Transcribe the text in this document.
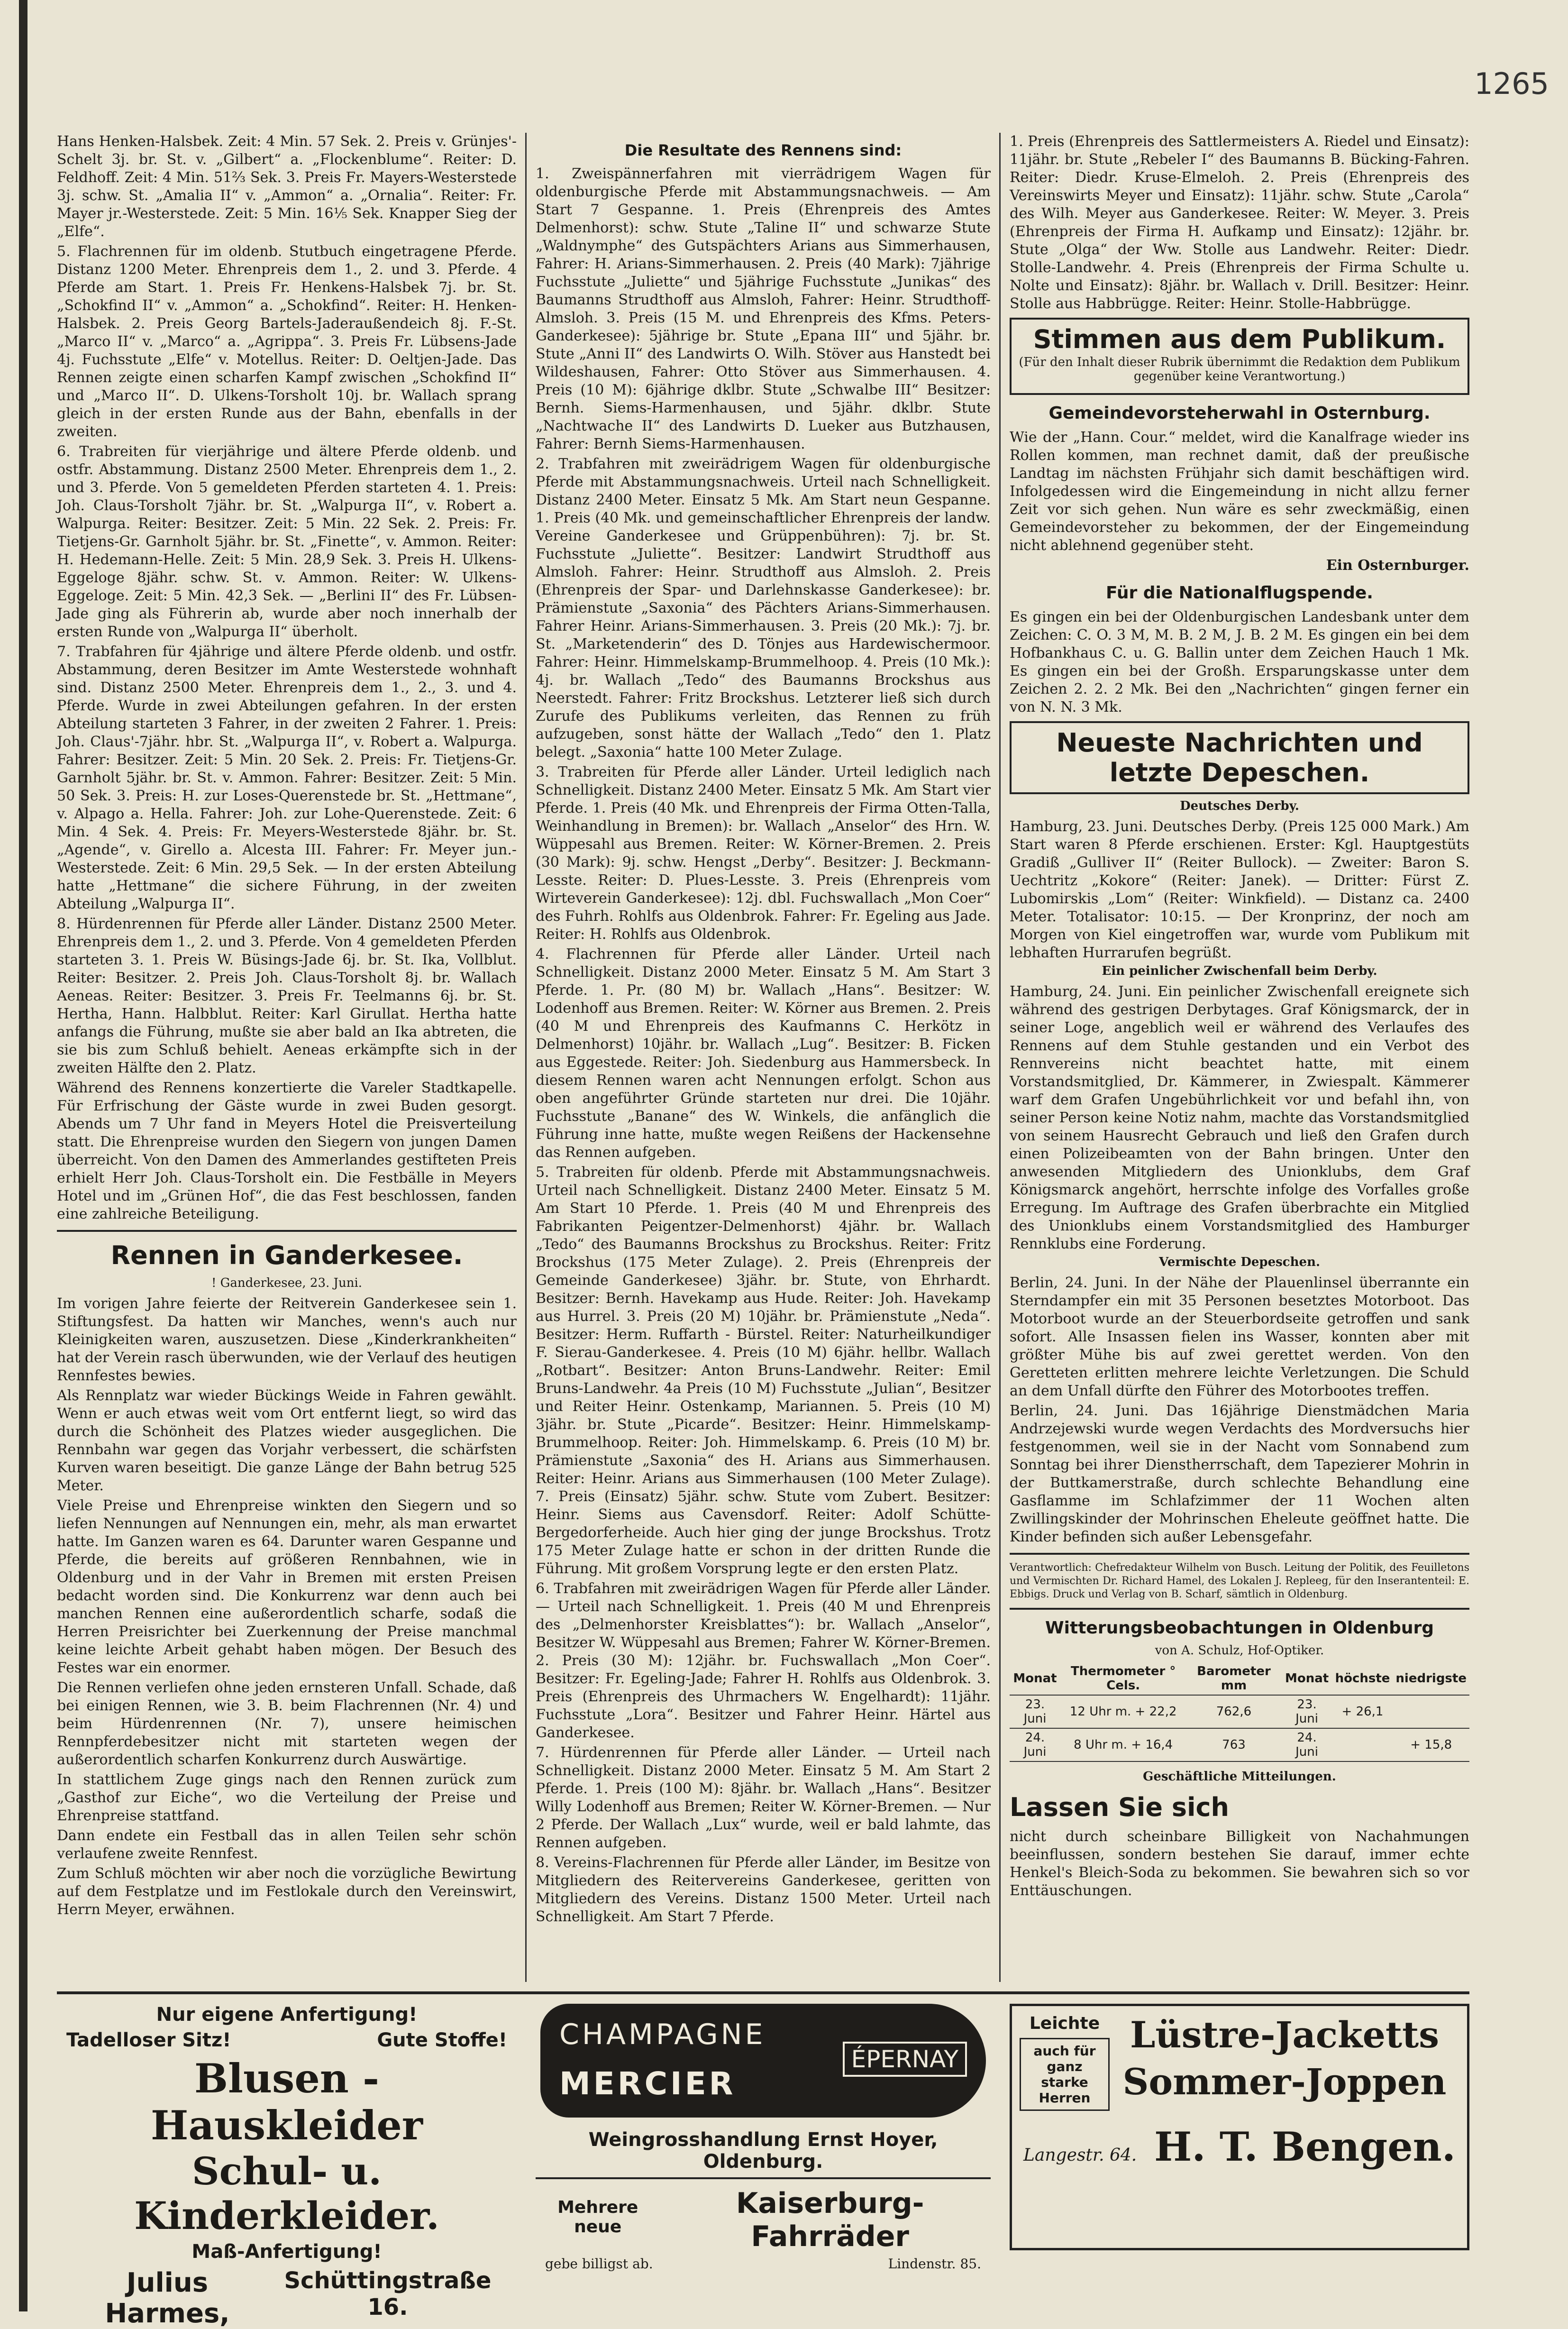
1265

Hans Henken-Halsbek. Zeit: 4 Min. 57 Sek. 2. Preis v. Grünjes'-Schelt 3j. br. St. v. „Gilbert“ a. „Flockenblume“. Reiter: D. Feldhoff. Zeit: 4 Min. 51⅔ Sek. 3. Preis Fr. Mayers-Westerstede 3j. schw. St. „Amalia II“ v. „Ammon“ a. „Ornalia“. Reiter: Fr. Mayer jr.-Westerstede. Zeit: 5 Min. 16⅕ Sek. Knapper Sieg der „Elfe“.

5. Flachrennen für im oldenb. Stutbuch eingetragene Pferde. Distanz 1200 Meter. Ehrenpreis dem 1., 2. und 3. Pferde. 4 Pferde am Start. 1. Preis Fr. Henkens-Halsbek 7j. br. St. „Schokfind II“ v. „Ammon“ a. „Schokfind“. Reiter: H. Henken-Halsbek. 2. Preis Georg Bartels-Jaderaußendeich 8j. F.-St. „Marco II“ v. „Marco“ a. „Agrippa“. 3. Preis Fr. Lübsens-Jade 4j. Fuchsstute „Elfe“ v. Motellus. Reiter: D. Oeltjen-Jade. Das Rennen zeigte einen scharfen Kampf zwischen „Schokfind II“ und „Marco II“. D. Ulkens-Torsholt 10j. br. Wallach sprang gleich in der ersten Runde aus der Bahn, ebenfalls in der zweiten.

6. Trabreiten für vierjährige und ältere Pferde oldenb. und ostfr. Abstammung. Distanz 2500 Meter. Ehrenpreis dem 1., 2. und 3. Pferde. Von 5 gemeldeten Pferden starteten 4. 1. Preis: Joh. Claus-Torsholt 7jähr. br. St. „Walpurga II“, v. Robert a. Walpurga. Reiter: Besitzer. Zeit: 5 Min. 22 Sek. 2. Preis: Fr. Tietjens-Gr. Garnholt 5jähr. br. St. „Finette“, v. Ammon. Reiter: H. Hedemann-Helle. Zeit: 5 Min. 28,9 Sek. 3. Preis H. Ulkens-Eggeloge 8jähr. schw. St. v. Ammon. Reiter: W. Ulkens-Eggeloge. Zeit: 5 Min. 42,3 Sek. — „Berlini II“ des Fr. Lübsen-Jade ging als Führerin ab, wurde aber noch innerhalb der ersten Runde von „Walpurga II“ überholt.

7. Trabfahren für 4jährige und ältere Pferde oldenb. und ostfr. Abstammung, deren Besitzer im Amte Westerstede wohnhaft sind. Distanz 2500 Meter. Ehrenpreis dem 1., 2., 3. und 4. Pferde. Wurde in zwei Abteilungen gefahren. In der ersten Abteilung starteten 3 Fahrer, in der zweiten 2 Fahrer. 1. Preis: Joh. Claus'-7jähr. hbr. St. „Walpurga II“, v. Robert a. Walpurga. Fahrer: Besitzer. Zeit: 5 Min. 20 Sek. 2. Preis: Fr. Tietjens-Gr. Garnholt 5jähr. br. St. v. Ammon. Fahrer: Besitzer. Zeit: 5 Min. 50 Sek. 3. Preis: H. zur Loses-Querenstede br. St. „Hettmane“, v. Alpago a. Hella. Fahrer: Joh. zur Lohe-Querenstede. Zeit: 6 Min. 4 Sek. 4. Preis: Fr. Meyers-Westerstede 8jähr. br. St. „Agende“, v. Girello a. Alcesta III. Fahrer: Fr. Meyer jun.-Westerstede. Zeit: 6 Min. 29,5 Sek. — In der ersten Abteilung hatte „Hettmane“ die sichere Führung, in der zweiten Abteilung „Walpurga II“.

8. Hürdenrennen für Pferde aller Länder. Distanz 2500 Meter. Ehrenpreis dem 1., 2. und 3. Pferde. Von 4 gemeldeten Pferden starteten 3. 1. Preis W. Büsings-Jade 6j. br. St. Ika, Vollblut. Reiter: Besitzer. 2. Preis Joh. Claus-Torsholt 8j. br. Wallach Aeneas. Reiter: Besitzer. 3. Preis Fr. Teelmanns 6j. br. St. Hertha, Hann. Halbblut. Reiter: Karl Girullat. Hertha hatte anfangs die Führung, mußte sie aber bald an Ika abtreten, die sie bis zum Schluß behielt. Aeneas erkämpfte sich in der zweiten Hälfte den 2. Platz.

Während des Rennens konzertierte die Vareler Stadtkapelle. Für Erfrischung der Gäste wurde in zwei Buden gesorgt. Abends um 7 Uhr fand in Meyers Hotel die Preisverteilung statt. Die Ehrenpreise wurden den Siegern von jungen Damen überreicht. Von den Damen des Ammerlandes gestifteten Preis erhielt Herr Joh. Claus-Torsholt ein. Die Festbälle in Meyers Hotel und im „Grünen Hof“, die das Fest beschlossen, fanden eine zahlreiche Beteiligung.

Rennen in Ganderkesee.
! Ganderkesee, 23. Juni.

Im vorigen Jahre feierte der Reitverein Ganderkesee sein 1. Stiftungsfest. Da hatten wir Manches, wenn's auch nur Kleinigkeiten waren, auszusetzen. Diese „Kinderkrankheiten“ hat der Verein rasch überwunden, wie der Verlauf des heutigen Rennfestes bewies.

Als Rennplatz war wieder Bückings Weide in Fahren gewählt. Wenn er auch etwas weit vom Ort entfernt liegt, so wird das durch die Schönheit des Platzes wieder ausgeglichen. Die Rennbahn war gegen das Vorjahr verbessert, die schärfsten Kurven waren beseitigt. Die ganze Länge der Bahn betrug 525 Meter.

Viele Preise und Ehrenpreise winkten den Siegern und so liefen Nennungen auf Nennungen ein, mehr, als man erwartet hatte. Im Ganzen waren es 64. Darunter waren Gespanne und Pferde, die bereits auf größeren Rennbahnen, wie in Oldenburg und in der Vahr in Bremen mit ersten Preisen bedacht worden sind. Die Konkurrenz war denn auch bei manchen Rennen eine außerordentlich scharfe, sodaß die Herren Preisrichter bei Zuerkennung der Preise manchmal keine leichte Arbeit gehabt haben mögen. Der Besuch des Festes war ein enormer.

Die Rennen verliefen ohne jeden ernsteren Unfall. Schade, daß bei einigen Rennen, wie 3. B. beim Flachrennen (Nr. 4) und beim Hürdenrennen (Nr. 7), unsere heimischen Rennpferdebesitzer nicht mit starteten wegen der außerordentlich scharfen Konkurrenz durch Auswärtige.

In stattlichem Zuge gings nach den Rennen zurück zum „Gasthof zur Eiche“, wo die Verteilung der Preise und Ehrenpreise stattfand.

Dann endete ein Festball das in allen Teilen sehr schön verlaufene zweite Rennfest.

Zum Schluß möchten wir aber noch die vorzügliche Bewirtung auf dem Festplatze und im Festlokale durch den Vereinswirt, Herrn Meyer, erwähnen.

Die Resultate des Rennens sind:

1. Zweispännerfahren mit vierrädrigem Wagen für oldenburgische Pferde mit Abstammungsnachweis. — Am Start 7 Gespanne. 1. Preis (Ehrenpreis des Amtes Delmenhorst): schw. Stute „Taline II“ und schwarze Stute „Waldnymphe“ des Gutspächters Arians aus Simmerhausen, Fahrer: H. Arians-Simmerhausen. 2. Preis (40 Mark): 7jährige Fuchsstute „Juliette“ und 5jährige Fuchsstute „Junikas“ des Baumanns Strudthoff aus Almsloh, Fahrer: Heinr. Strudthoff-Almsloh. 3. Preis (15 M. und Ehrenpreis des Kfms. Peters-Ganderkesee): 5jährige br. Stute „Epana III“ und 5jähr. br. Stute „Anni II“ des Landwirts O. Wilh. Stöver aus Hanstedt bei Wildeshausen, Fahrer: Otto Stöver aus Simmerhausen. 4. Preis (10 M): 6jährige dklbr. Stute „Schwalbe III“ Besitzer: Bernh. Siems-Harmenhausen, und 5jähr. dklbr. Stute „Nachtwache II“ des Landwirts D. Lueker aus Butzhausen, Fahrer: Bernh Siems-Harmenhausen.

2. Trabfahren mit zweirädrigem Wagen für oldenburgische Pferde mit Abstammungsnachweis. Urteil nach Schnelligkeit. Distanz 2400 Meter. Einsatz 5 Mk. Am Start neun Gespanne. 1. Preis (40 Mk. und gemeinschaftlicher Ehrenpreis der landw. Vereine Ganderkesee und Grüppenbühren): 7j. br. St. Fuchsstute „Juliette“. Besitzer: Landwirt Strudthoff aus Almsloh. Fahrer: Heinr. Strudthoff aus Almsloh. 2. Preis (Ehrenpreis der Spar- und Darlehnskasse Ganderkesee): br. Prämienstute „Saxonia“ des Pächters Arians-Simmerhausen. Fahrer Heinr. Arians-Simmerhausen. 3. Preis (20 Mk.): 7j. br. St. „Marketenderin“ des D. Tönjes aus Hardewischermoor. Fahrer: Heinr. Himmelskamp-Brummelhoop. 4. Preis (10 Mk.): 4j. br. Wallach „Tedo“ des Baumanns Brockshus aus Neerstedt. Fahrer: Fritz Brockshus. Letzterer ließ sich durch Zurufe des Publikums verleiten, das Rennen zu früh aufzugeben, sonst hätte der Wallach „Tedo“ den 1. Platz belegt. „Saxonia“ hatte 100 Meter Zulage.

3. Trabreiten für Pferde aller Länder. Urteil lediglich nach Schnelligkeit. Distanz 2400 Meter. Einsatz 5 Mk. Am Start vier Pferde. 1. Preis (40 Mk. und Ehrenpreis der Firma Otten-Talla, Weinhandlung in Bremen): br. Wallach „Anselor“ des Hrn. W. Wüppesahl aus Bremen. Reiter: W. Körner-Bremen. 2. Preis (30 Mark): 9j. schw. Hengst „Derby“. Besitzer: J. Beckmann-Lesste. Reiter: D. Plues-Lesste. 3. Preis (Ehrenpreis vom Wirteverein Ganderkesee): 12j. dbl. Fuchswallach „Mon Coer“ des Fuhrh. Rohlfs aus Oldenbrok. Fahrer: Fr. Egeling aus Jade. Reiter: H. Rohlfs aus Oldenbrok.

4. Flachrennen für Pferde aller Länder. Urteil nach Schnelligkeit. Distanz 2000 Meter. Einsatz 5 M. Am Start 3 Pferde. 1. Pr. (80 M) br. Wallach „Hans“. Besitzer: W. Lodenhoff aus Bremen. Reiter: W. Körner aus Bremen. 2. Preis (40 M und Ehrenpreis des Kaufmanns C. Herkötz in Delmenhorst) 10jähr. br. Wallach „Lug“. Besitzer: B. Ficken aus Eggestede. Reiter: Joh. Siedenburg aus Hammersbeck. In diesem Rennen waren acht Nennungen erfolgt. Schon aus oben angeführter Gründe starteten nur drei. Die 10jähr. Fuchsstute „Banane“ des W. Winkels, die anfänglich die Führung inne hatte, mußte wegen Reißens der Hackensehne das Rennen aufgeben.

5. Trabreiten für oldenb. Pferde mit Abstammungsnachweis. Urteil nach Schnelligkeit. Distanz 2400 Meter. Einsatz 5 M. Am Start 10 Pferde. 1. Preis (40 M und Ehrenpreis des Fabrikanten Peigentzer-Delmenhorst) 4jähr. br. Wallach „Tedo“ des Baumanns Brockshus zu Brockshus. Reiter: Fritz Brockshus (175 Meter Zulage). 2. Preis (Ehrenpreis der Gemeinde Ganderkesee) 3jähr. br. Stute, von Ehrhardt. Besitzer: Bernh. Havekamp aus Hude. Reiter: Joh. Havekamp aus Hurrel. 3. Preis (20 M) 10jähr. br. Prämienstute „Neda“. Besitzer: Herm. Ruffarth - Bürstel. Reiter: Naturheilkundiger F. Sierau-Ganderkesee. 4. Preis (10 M) 6jähr. hellbr. Wallach „Rotbart“. Besitzer: Anton Bruns-Landwehr. Reiter: Emil Bruns-Landwehr. 4a Preis (10 M) Fuchsstute „Julian“, Besitzer und Reiter Heinr. Ostenkamp, Mariannen. 5. Preis (10 M) 3jähr. br. Stute „Picarde“. Besitzer: Heinr. Himmelskamp-Brummelhoop. Reiter: Joh. Himmelskamp. 6. Preis (10 M) br. Prämienstute „Saxonia“ des H. Arians aus Simmerhausen. Reiter: Heinr. Arians aus Simmerhausen (100 Meter Zulage). 7. Preis (Einsatz) 5jähr. schw. Stute vom Zubert. Besitzer: Heinr. Siems aus Cavensdorf. Reiter: Adolf Schütte-Bergedorferheide. Auch hier ging der junge Brockshus. Trotz 175 Meter Zulage hatte er schon in der dritten Runde die Führung. Mit großem Vorsprung legte er den ersten Platz.

6. Trabfahren mit zweirädrigen Wagen für Pferde aller Länder. — Urteil nach Schnelligkeit. 1. Preis (40 M und Ehrenpreis des „Delmenhorster Kreisblattes“): br. Wallach „Anselor“, Besitzer W. Wüppesahl aus Bremen; Fahrer W. Körner-Bremen. 2. Preis (30 M): 12jähr. br. Fuchswallach „Mon Coer“. Besitzer: Fr. Egeling-Jade; Fahrer H. Rohlfs aus Oldenbrok. 3. Preis (Ehrenpreis des Uhrmachers W. Engelhardt): 11jähr. Fuchsstute „Lora“. Besitzer und Fahrer Heinr. Härtel aus Ganderkesee.

7. Hürdenrennen für Pferde aller Länder. — Urteil nach Schnelligkeit. Distanz 2000 Meter. Einsatz 5 M. Am Start 2 Pferde. 1. Preis (100 M): 8jähr. br. Wallach „Hans“. Besitzer Willy Lodenhoff aus Bremen; Reiter W. Körner-Bremen. — Nur 2 Pferde. Der Wallach „Lux“ wurde, weil er bald lahmte, das Rennen aufgeben.

8. Vereins-Flachrennen für Pferde aller Länder, im Besitze von Mitgliedern des Reitervereins Ganderkesee, geritten von Mitgliedern des Vereins. Distanz 1500 Meter. Urteil nach Schnelligkeit. Am Start 7 Pferde.

1. Preis (Ehrenpreis des Sattlermeisters A. Riedel und Einsatz): 11jähr. br. Stute „Rebeler I“ des Baumanns B. Bücking-Fahren. Reiter: Diedr. Kruse-Elmeloh. 2. Preis (Ehrenpreis des Vereinswirts Meyer und Einsatz): 11jähr. schw. Stute „Carola“ des Wilh. Meyer aus Ganderkesee. Reiter: W. Meyer. 3. Preis (Ehrenpreis der Firma H. Aufkamp und Einsatz): 12jähr. br. Stute „Olga“ der Ww. Stolle aus Landwehr. Reiter: Diedr. Stolle-Landwehr. 4. Preis (Ehrenpreis der Firma Schulte u. Nolte und Einsatz): 8jähr. br. Wallach v. Drill. Besitzer: Heinr. Stolle aus Habbrügge. Reiter: Heinr. Stolle-Habbrügge.

Stimmen aus dem Publikum.
(Für den Inhalt dieser Rubrik übernimmt die Redaktion dem Publikum gegenüber keine Verantwortung.)
Gemeindevorsteherwahl in Osternburg.

Wie der „Hann. Cour.“ meldet, wird die Kanalfrage wieder ins Rollen kommen, man rechnet damit, daß der preußische Landtag im nächsten Frühjahr sich damit beschäftigen wird. Infolgedessen wird die Eingemeindung in nicht allzu ferner Zeit vor sich gehen. Nun wäre es sehr zweckmäßig, einen Gemeindevorsteher zu bekommen, der der Eingemeindung nicht ablehnend gegenüber steht.

Ein Osternburger.

Für die Nationalflugspende.

Es gingen ein bei der Oldenburgischen Landesbank unter dem Zeichen: C. O. 3 M, M. B. 2 M, J. B. 2 M. Es gingen ein bei dem Hofbankhaus C. u. G. Ballin unter dem Zeichen Hauch 1 Mk. Es gingen ein bei der Großh. Ersparungskasse unter dem Zeichen 2. 2. 2 Mk. Bei den „Nachrichten“ gingen ferner ein von N. N. 3 Mk.

Neueste Nachrichten und letzte Depeschen.
Deutsches Derby.

Hamburg, 23. Juni. Deutsches Derby. (Preis 125 000 Mark.) Am Start waren 8 Pferde erschienen. Erster: Kgl. Hauptgestüts Gradiß „Gulliver II“ (Reiter Bullock). — Zweiter: Baron S. Uechtritz „Kokore“ (Reiter: Janek). — Dritter: Fürst Z. Lubomirskis „Lom“ (Reiter: Winkfield). — Distanz ca. 2400 Meter. Totalisator: 10:15. — Der Kronprinz, der noch am Morgen von Kiel eingetroffen war, wurde vom Publikum mit lebhaften Hurrarufen begrüßt.

Ein peinlicher Zwischenfall beim Derby.

Hamburg, 24. Juni. Ein peinlicher Zwischenfall ereignete sich während des gestrigen Derbytages. Graf Königsmarck, der in seiner Loge, angeblich weil er während des Verlaufes des Rennens auf dem Stuhle gestanden und ein Verbot des Rennvereins nicht beachtet hatte, mit einem Vorstandsmitglied, Dr. Kämmerer, in Zwiespalt. Kämmerer warf dem Grafen Ungebührlichkeit vor und befahl ihn, von seiner Person keine Notiz nahm, machte das Vorstandsmitglied von seinem Hausrecht Gebrauch und ließ den Grafen durch einen Polizeibeamten von der Bahn bringen. Unter den anwesenden Mitgliedern des Unionklubs, dem Graf Königsmarck angehört, herrschte infolge des Vorfalles große Erregung. Im Auftrage des Grafen überbrachte ein Mitglied des Unionklubs einem Vorstandsmitglied des Hamburger Rennklubs eine Forderung.

Vermischte Depeschen.

Berlin, 24. Juni. In der Nähe der Plauenlinsel überrannte ein Sterndampfer ein mit 35 Personen besetztes Motorboot. Das Motorboot wurde an der Steuerbordseite getroffen und sank sofort. Alle Insassen fielen ins Wasser, konnten aber mit größter Mühe bis auf zwei gerettet werden. Von den Geretteten erlitten mehrere leichte Verletzungen. Die Schuld an dem Unfall dürfte den Führer des Motorbootes treffen.

Berlin, 24. Juni. Das 16jährige Dienstmädchen Maria Andrzejewski wurde wegen Verdachts des Mordversuchs hier festgenommen, weil sie in der Nacht vom Sonnabend zum Sonntag bei ihrer Dienstherrschaft, dem Tapezierer Mohrin in der Buttkamerstraße, durch schlechte Behandlung eine Gasflamme im Schlafzimmer der 11 Wochen alten Zwillingskinder der Mohrinschen Eheleute geöffnet hatte. Die Kinder befinden sich außer Lebensgefahr.

Verantwortlich: Chefredakteur Wilhelm von Busch. Leitung der Politik, des Feuilletons und Vermischten Dr. Richard Hamel, des Lokalen J. Repleeg, für den Inserantenteil: E. Ebbigs. Druck und Verlag von B. Scharf, sämtlich in Oldenburg.

Witterungsbeobachtungen in Oldenburg
von A. Schulz, Hof-Optiker.
Monat	Thermometer ° Cels.	Barometer mm	Monat	höchste	niedrigste
23. Juni	12 Uhr m. + 22,2	762,6	23. Juni	+ 26,1	
24. Juni	8 Uhr m. + 16,4	763	24. Juni		+ 15,8
Geschäftliche Mitteilungen.
Lassen Sie sich

nicht durch scheinbare Billigkeit von Nachahmungen beeinflussen, sondern bestehen Sie darauf, immer echte Henkel's Bleich-Soda zu bekommen. Sie bewahren sich so vor Enttäuschungen.

Nur eigene Anfertigung!
Tadelloser Sitz!	Gute Stoffe!
Blusen - Hauskleider
Schul- u. Kinderkleider.
Maß-Anfertigung!
Julius Harmes,
Schüttingstraße 16.
CHAMPAGNE
MERCIER
ÉPERNAY
Weingrosshandlung Ernst Hoyer, Oldenburg.
Mehrere neue
Kaiserburg-Fahrräder
gebe billigst ab.	Lindenstr. 85.
Leichte
auch für ganz starke Herren
Lüstre-Jacketts
Sommer-Joppen
Langestr. 64. H. T. Bengen.
